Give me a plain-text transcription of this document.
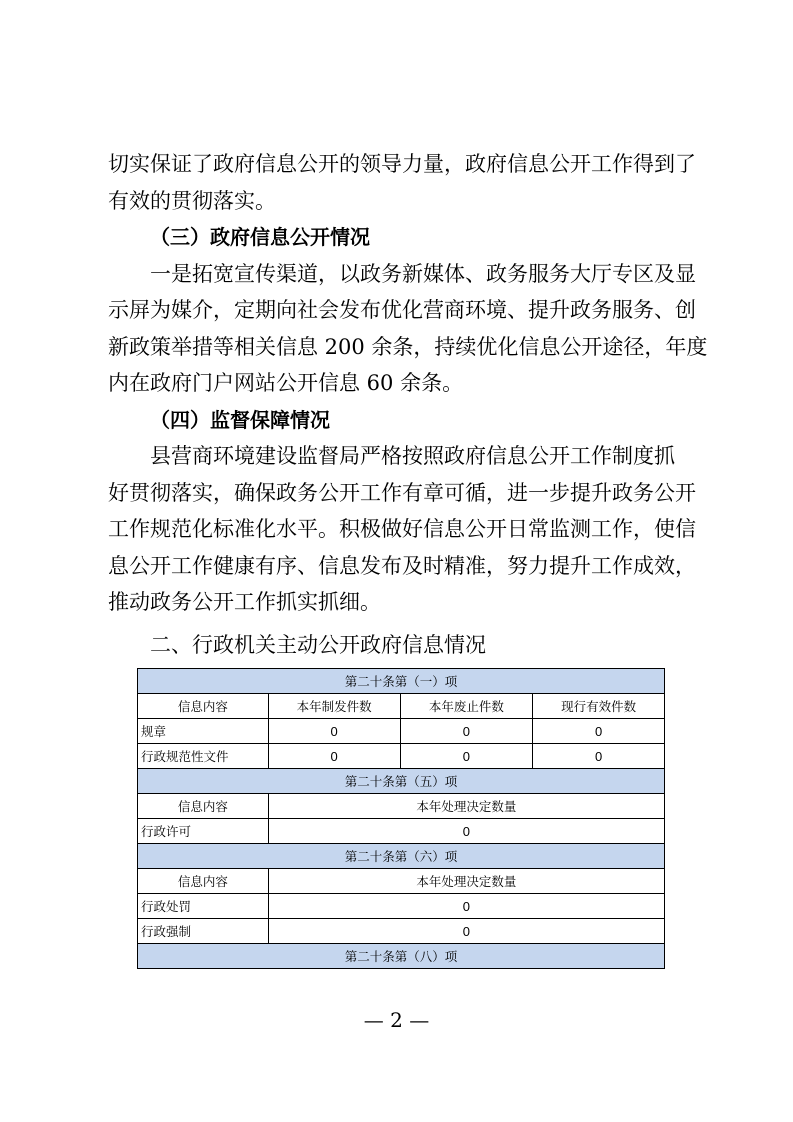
切实保证了政府信息公开的领导力量，政府信息公开工作得到了

有效的贯彻落实。

（三）政府信息公开情况

一是拓宽宣传渠道，以政务新媒体、政务服务大厅专区及显

示屏为媒介，定期向社会发布优化营商环境、提升政务服务、创

新政策举措等相关信息 200 余条，持续优化信息公开途径，年度

内在政府门户网站公开信息 60 余条。

（四）监督保障情况

县营商环境建设监督局严格按照政府信息公开工作制度抓

好贯彻落实，确保政务公开工作有章可循，进一步提升政务公开

工作规范化标准化水平。积极做好信息公开日常监测工作，使信

息公开工作健康有序、信息发布及时精准，努力提升工作成效，

推动政务公开工作抓实抓细。

二、行政机关主动公开政府信息情况
第二十条第（一）项			
信息内容	本年制发件数	本年废止件数	现行有效件数
规章	0	0	0
行政规范性文件	0	0	0
第二十条第（五）项			
信息内容	本年处理决定数量		
行政许可	0		
第二十条第（六）项			
信息内容	本年处理决定数量		
行政处罚	0		
行政强制	0		
第二十条第（八）项			
— 2 —
